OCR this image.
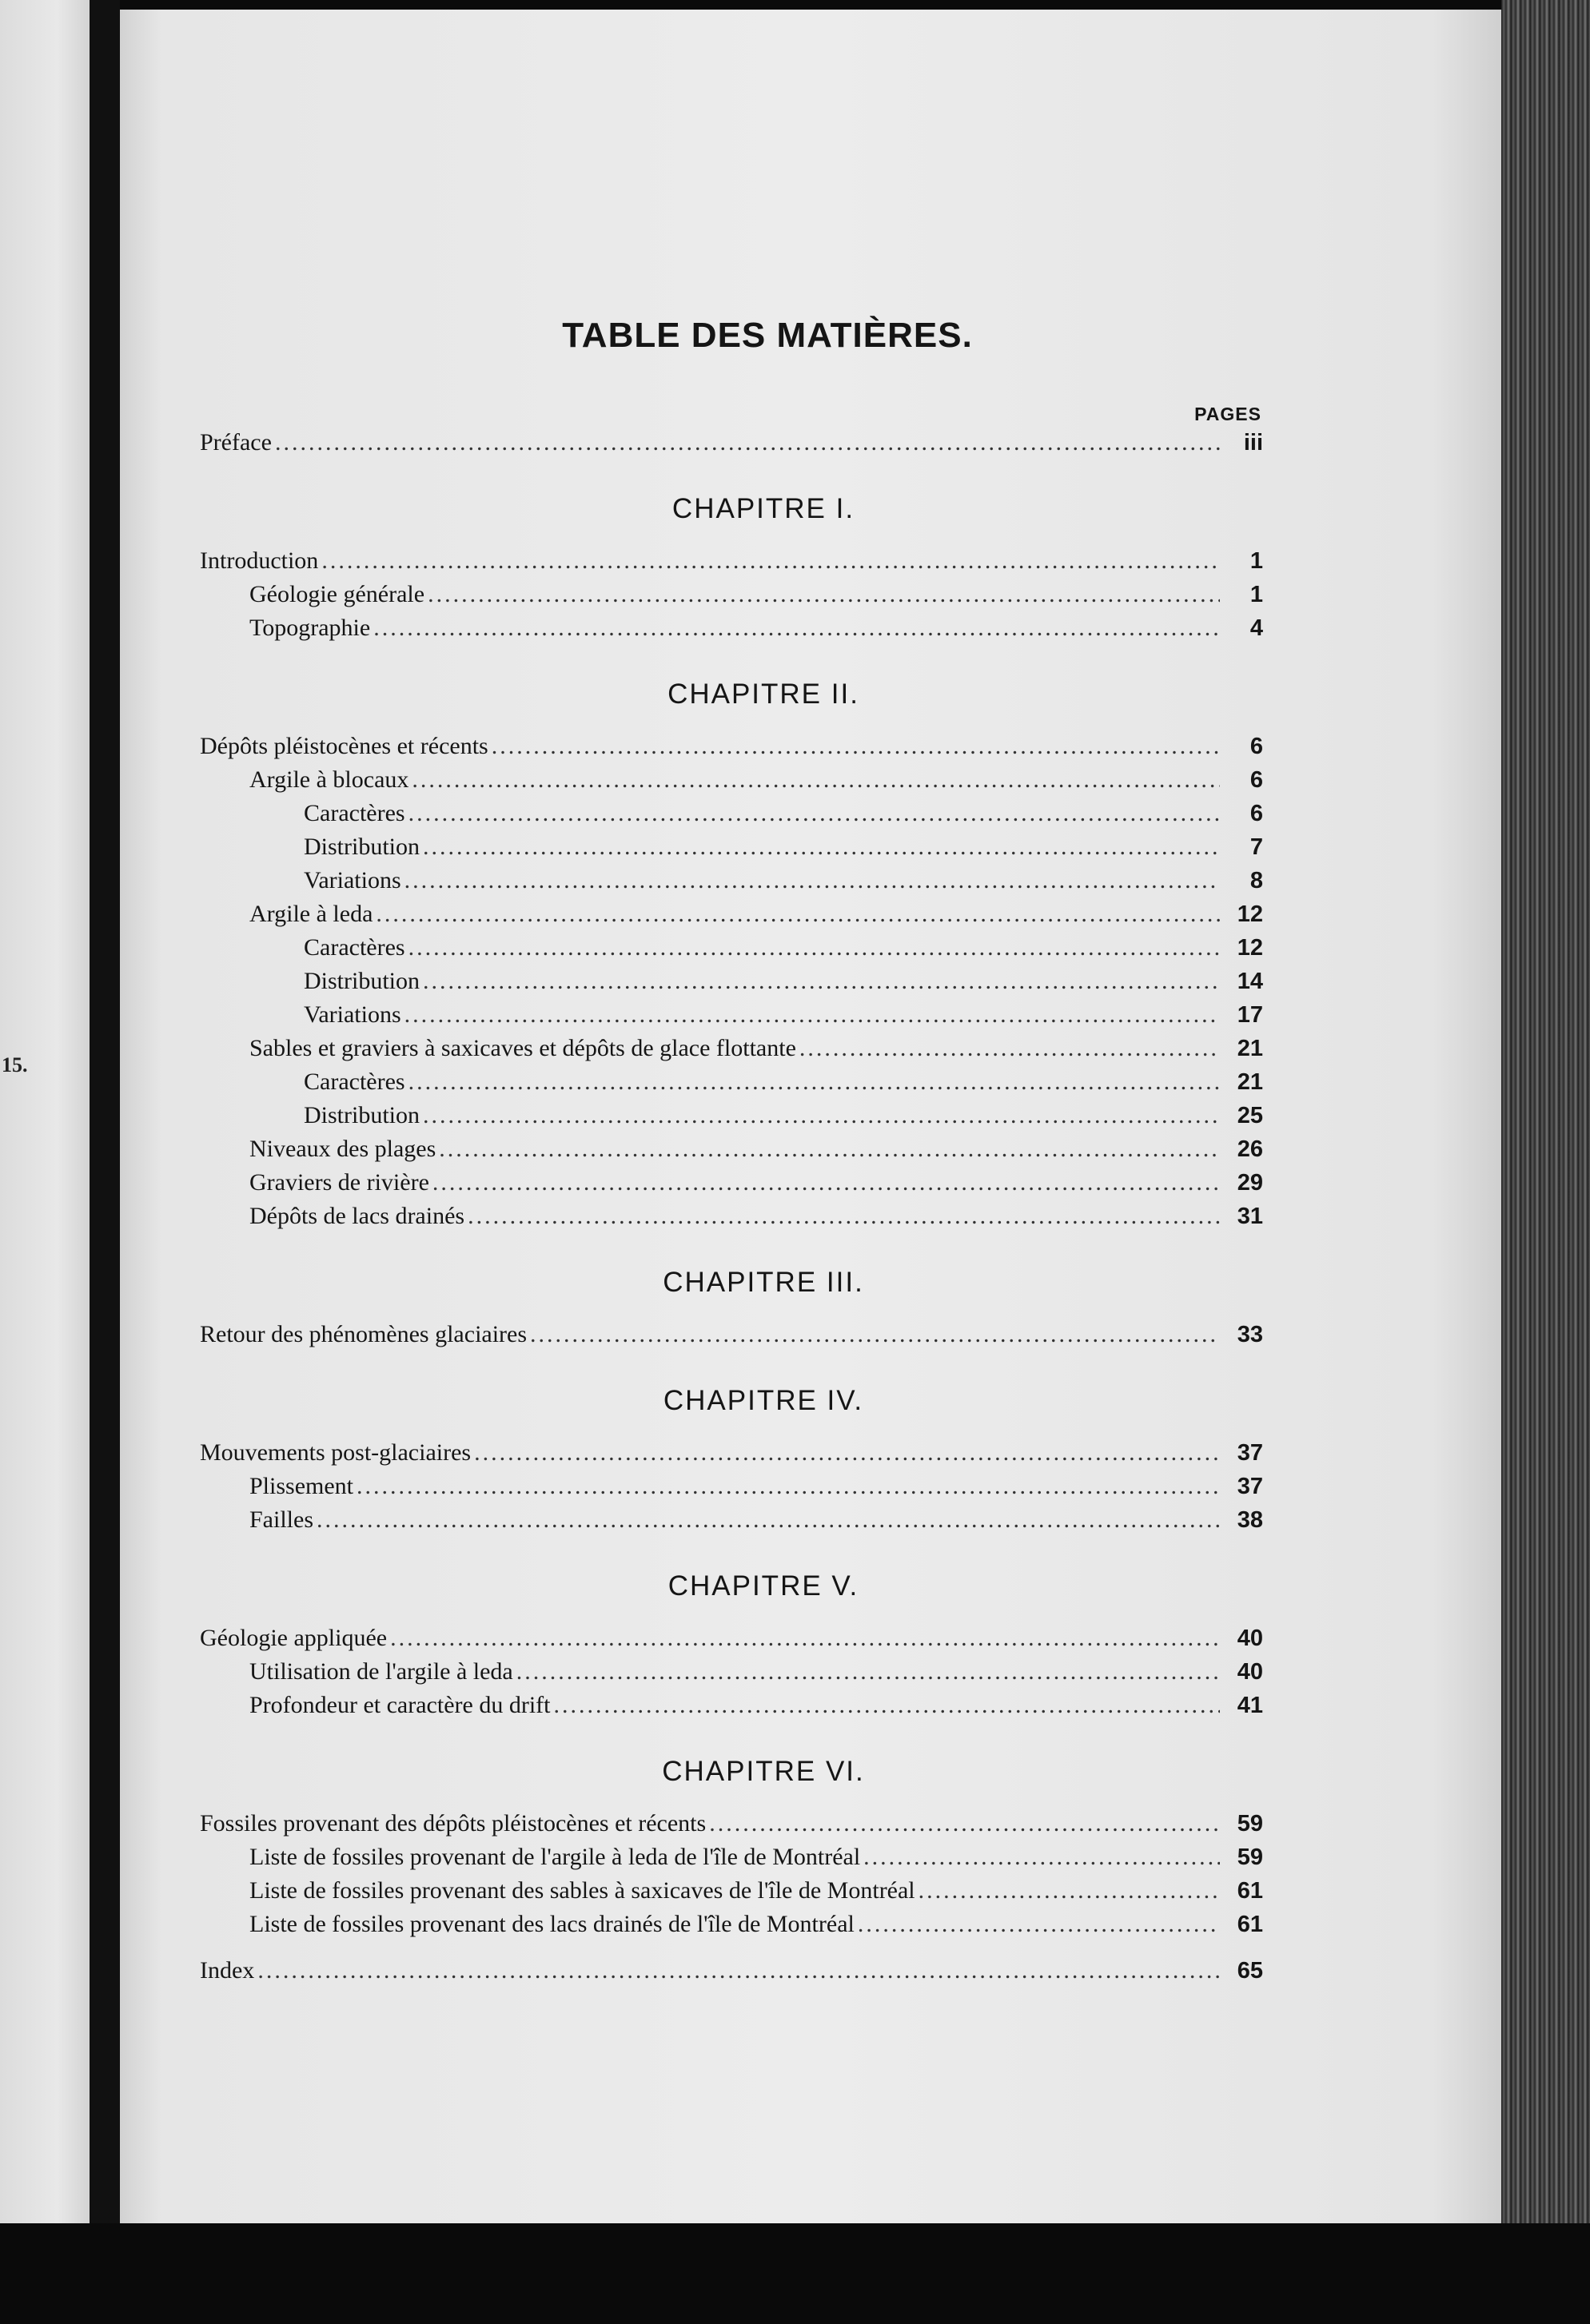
15.
TABLE DES MATIÈRES.
PAGES
Préface .....	iii
CHAPITRE I.
Introduction .....	1
Géologie générale .....	1
Topographie .....	4
CHAPITRE II.
Dépôts pléistocènes et récents .....	6
Argile à blocaux .....	6
Caractères .....	6
Distribution .....	7
Variations .....	8
Argile à leda .....	12
Caractères .....	12
Distribution .....	14
Variations .....	17
Sables et graviers à saxicaves et dépôts de glace flottante .....	21
Caractères .....	21
Distribution .....	25
Niveaux des plages .....	26
Graviers de rivière .....	29
Dépôts de lacs drainés .....	31
CHAPITRE III.
Retour des phénomènes glaciaires .....	33
CHAPITRE IV.
Mouvements post-glaciaires .....	37
Plissement .....	37
Failles .....	38
CHAPITRE V.
Géologie appliquée .....	40
Utilisation de l'argile à leda .....	40
Profondeur et caractère du drift .....	41
CHAPITRE VI.
Fossiles provenant des dépôts pléistocènes et récents .....	59
Liste de fossiles provenant de l'argile à leda de l'île de Montréal .....	59
Liste de fossiles provenant des sables à saxicaves de l'île de Montréal .....	61
Liste de fossiles provenant des lacs drainés de l'île de Montréal .....	61
Index .....	65
